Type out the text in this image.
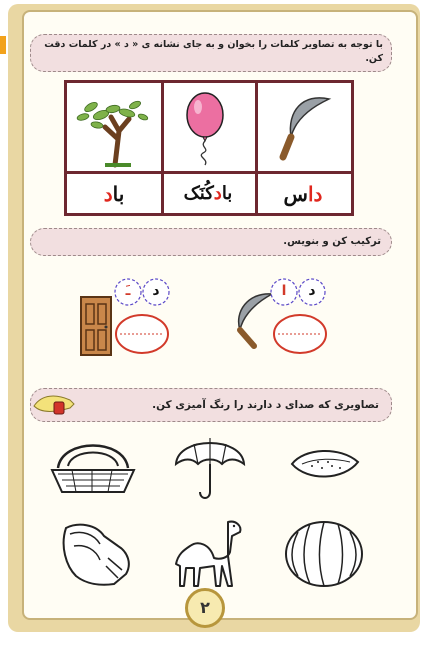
با توجه به تصاویر کلمات را بخوان و به جای نشانه ی « د » در کلمات دقت کن.
باد	بادکُنَک	داس
ترکیب کن و بنویس.
ـَ	د	ا	د
تصاویری که صدای د دارند را رنگ آمیزی کن.
۲
